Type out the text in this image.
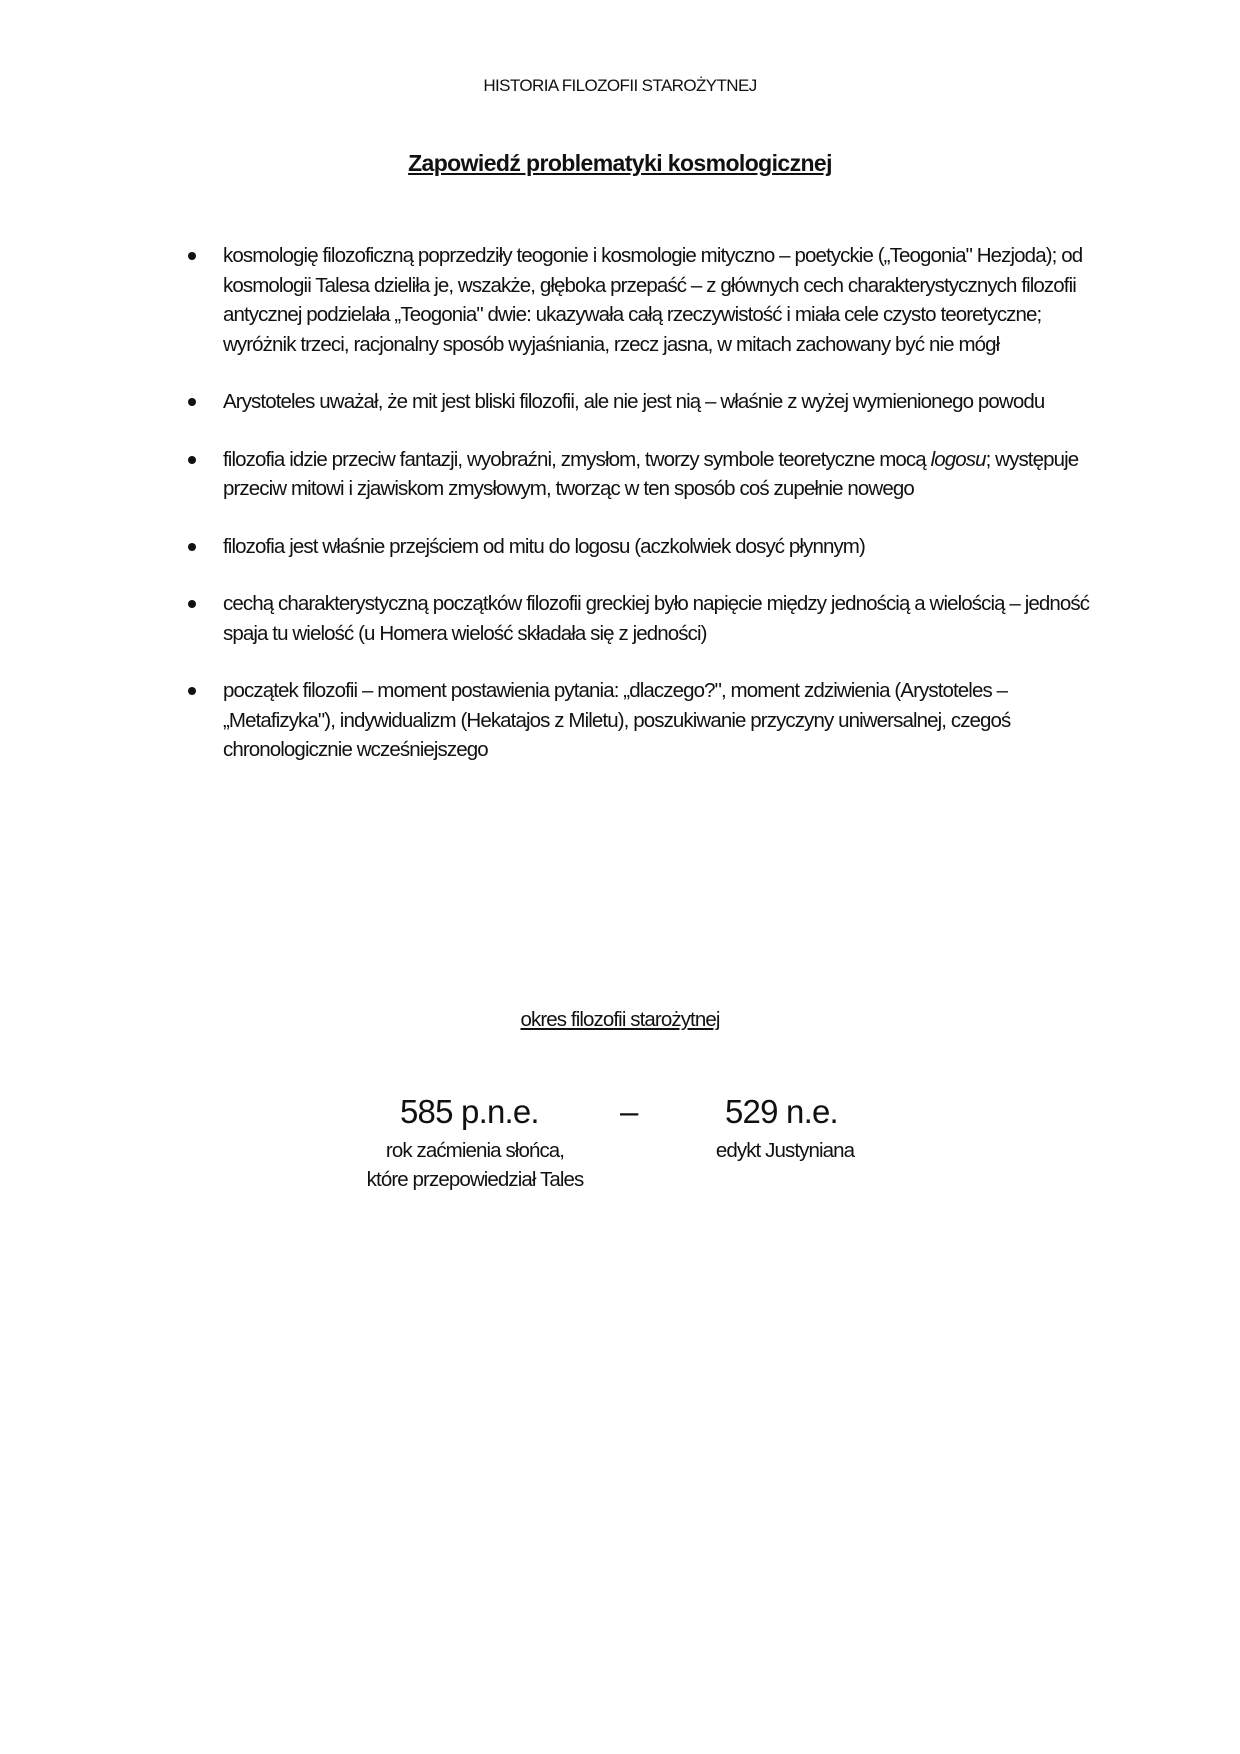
HISTORIA FILOZOFII STAROŻYTNEJ
Zapowiedź problematyki kosmologicznej
kosmologię filozoficzną poprzedziły teogonie i kosmologie mityczno – poetyckie („Teogonia" Hezjoda); od kosmologii Talesa dzieliła je, wszakże, głęboka przepaść – z głównych cech charakterystycznych filozofii antycznej podzielała „Teogonia" dwie: ukazywała całą rzeczywistość i miała cele czysto teoretyczne; wyróżnik trzeci, racjonalny sposób wyjaśniania, rzecz jasna, w mitach zachowany być nie mógł
Arystoteles uważał, że mit jest bliski filozofii, ale nie jest nią – właśnie z wyżej wymienionego powodu
filozofia idzie przeciw fantazji, wyobraźni, zmysłom, tworzy symbole teoretyczne mocą logosu; występuje przeciw mitowi i zjawiskom zmysłowym, tworząc w ten sposób coś zupełnie nowego
filozofia jest właśnie przejściem od mitu do logosu (aczkolwiek dosyć płynnym)
cechą charakterystyczną początków filozofii greckiej było napięcie między jednością a wielością – jedność spaja tu wielość (u Homera wielość składała się z jedności)
początek filozofii – moment postawienia pytania: „dlaczego?", moment zdziwienia (Arystoteles – „Metafizyka"), indywidualizm (Hekatajos z Miletu), poszukiwanie przyczyny uniwersalnej, czegoś chronologicznie wcześniejszego
okres filozofii starożytnej
585 p.n.e. –	529 n.e.
rok zaćmienia słońca,
które przepowiedział Tales
edykt Justyniana
